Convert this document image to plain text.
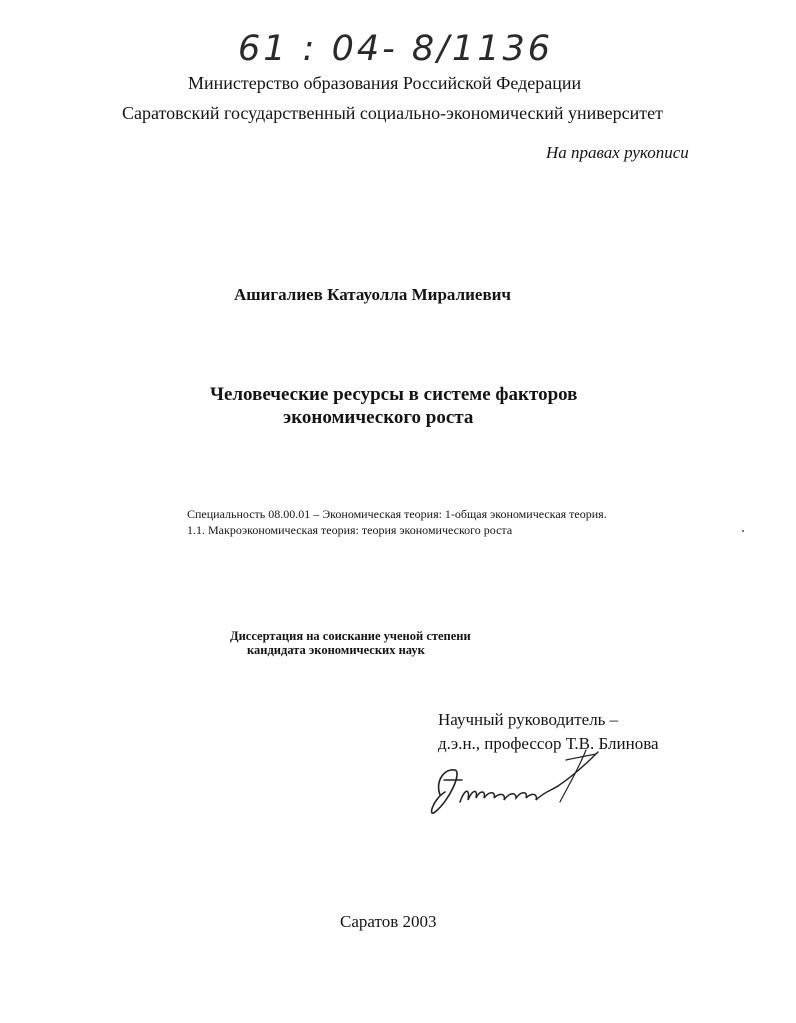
61 : 04- 8/1136
Министерство образования Российской Федерации
Саратовский государственный социально-экономический университет
На правах рукописи
Ашигалиев Катауолла Миралиевич
Человеческие ресурсы в системе факторов
экономического роста
Специальность 08.00.01 – Экономическая теория: 1-общая экономическая теория.
1.1. Макроэкономическая теория: теория экономического роста
Диссертация на соискание ученой степени
кандидата экономических наук
Научный руководитель –
д.э.н., профессор Т.В. Блинова
Саратов 2003
